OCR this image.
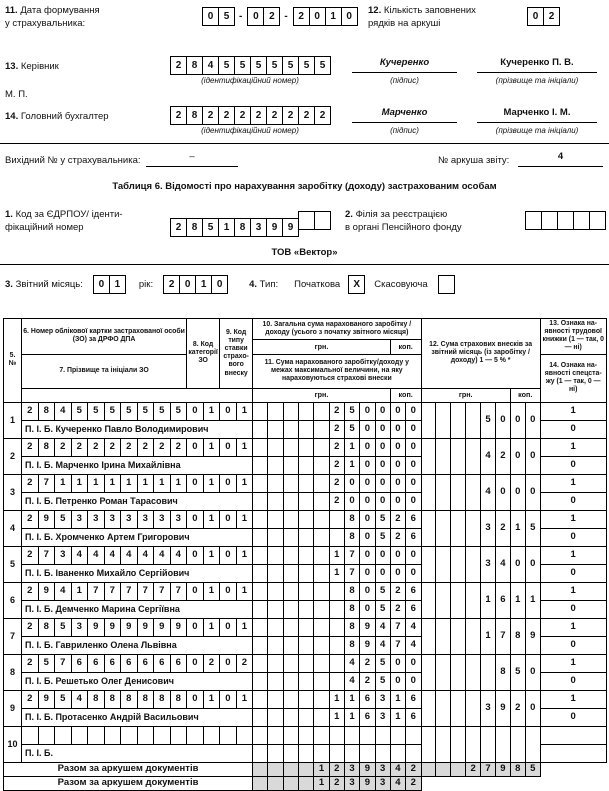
11. Дата формування
у страхувальника:
0 5 -	0 2 -	2 0 1 0
12. Кількість заповнених
рядків на аркуші
0 2
13. Керівник	2 8 4 5 5 5 5 5 5 5
(ідентифікаційний номер)
Кучеренко
(підпис)
Кучеренко П. В.
(прізвище та ініціали)
М. П.
14. Головний бухгалтер	2 8 2 2 2 2 2 2 2 2
(ідентифікаційний номер)
Марченко
(підпис)
Марченко І. М.
(прізвище та ініціали)
Вихідний № у страхувальника:	–	№ аркуша звіту:	4
Таблиця 6. Відомості про нарахування заробітку (доходу) застрахованим особам
1. Код за ЄДРПОУ/ іденти-
фікаційний номер	2 8 5 1 8 3 9 9
2. Філія за реєстрацією
в органі Пенсійного фонду
ТОВ «Вектор»
3. Звітний місяць:	0	1	рік:	2	0	1	0	4. Тип: Початкова	X	Скасовуюча
5. №	6. Номер облікової картки застрахованої особи (ЗО) за ДРФО ДПА										8. Код категорії ЗО		9. Код типу ставки страхового внеску		10. Загальна сума нарахованого заробітку / доходу (усього з початку звітного місяця)											12. Сума страхових внесків за звітний місяць (із заробітку / доходу) 1 — 5 % *								13. Ознака наявності трудової книжки (1 — так, 0 — ні)
															грн.									коп.										
	7. Прізвище та ініціали ЗО														11. Сума нарахованого заробітку/доходу у межах максимальної величини, на яку нараховуються страхові внески																			14. Ознака наявності спецстажу (1 — так, 0 — ні)
															грн.									коп.		грн.						коп.		
1	2	8	4	5	5	5	5	5	5	5	0	1	0	1						2	5	0	0	0	0					5	0	0	0	1
	П. І. Б. Кучеренко Павло Володимирович																			2	5	0	0	0	0									0
2	2	8	2	2	2	2	2	2	2	2	0	1	0	1						2	1	0	0	0	0					4	2	0	0	1
	П. І. Б. Марченко Ірина Михайлівна																			2	1	0	0	0	0									0
3	2	7	1	1	1	1	1	1	1	1	0	1	0	1						2	0	0	0	0	0					4	0	0	0	1
	П. І. Б. Петренко Роман Тарасович																			2	0	0	0	0	0									0
4	2	9	5	3	3	3	3	3	3	3	0	1	0	1							8	0	5	2	6					3	2	1	5	1
	П. І. Б. Хромченко Артем Григорович																				8	0	5	2	6									0
5	2	7	3	4	4	4	4	4	4	4	0	1	0	1						1	7	0	0	0	0					3	4	0	0	1
	П. І. Б. Іваненко Михайло Сергійович																			1	7	0	0	0	0									0
6	2	9	4	1	7	7	7	7	7	7	0	1	0	1							8	0	5	2	6					1	6	1	1	1
	П. І. Б. Демченко Марина Сергіївна																				8	0	5	2	6									0
7	2	8	5	3	9	9	9	9	9	9	0	1	0	1							8	9	4	7	4					1	7	8	9	1
	П. І. Б. Гавриленко Олена Львівна																				8	9	4	7	4									0
8	2	5	7	6	6	6	6	6	6	6	0	2	0	2							4	2	5	0	0						8	5	0	1
	П. І. Б. Решетько Олег Денисович																				4	2	5	0	0									0
9	2	9	5	4	8	8	8	8	8	8	0	1	0	1						1	1	6	3	1	6					3	9	2	0	1
	П. І. Б. Протасенко Андрій Васильович																			1	1	6	3	1	6									0
10																																		
	П. І. Б.																																	
Разом за аркушем документів																			1	2	3	9	3	4	2				2	7	9	8	5	
Разом за аркушем документів																			1	2	3	9	3	4	2									
